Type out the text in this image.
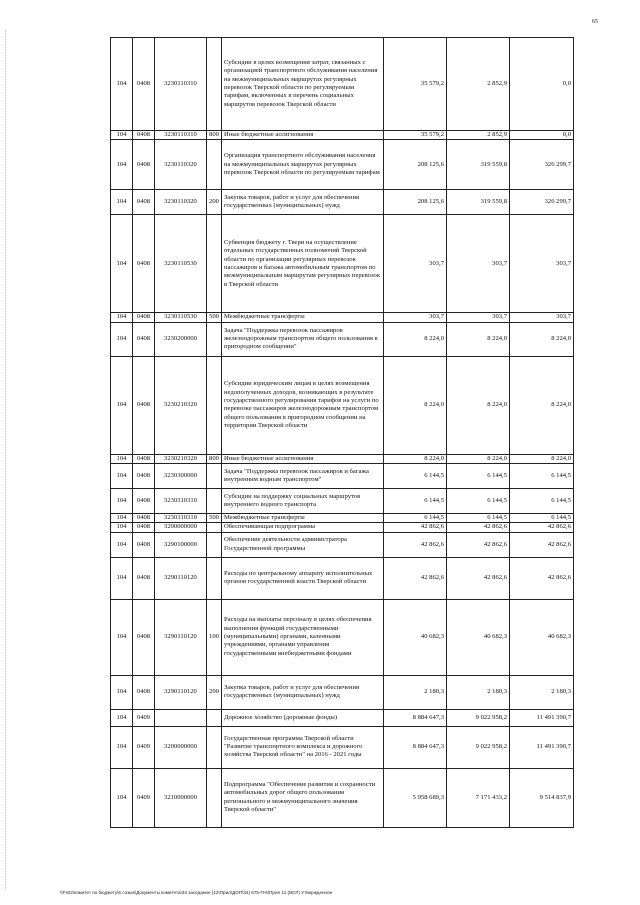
65
104	0408	3230110310		Субсидии в целях возмещения затрат, связанных с организацией транспортного обслуживания населения на межмуниципальных маршрутах регулярных перевозок Тверской области по регулируемым тарифам, включенных в перечень социальных маршрутов перевозок Тверской области	35 579,2	2 852,9	0,0
104	0408	3230110310	800	Иные бюджетные ассигнования	35 579,2	2 852,9	0,0
104	0408	3230110320		Организация транспортного обслуживания населения на межмуниципальных маршрутах регулярных перевозок Тверской области по регулируемым тарифам	208 125,6	319 559,8	326 299,7
104	0408	3230110320	200	Закупка товаров, работ и услуг для обеспечения государственных (муниципальных) нужд	208 125,6	319 559,8	326 299,7
104	0408	3230110530		Субвенция бюджету г. Твери на осуществление отдельных государственных полномочий Тверской области по организации регулярных перевозок пассажиров и багажа автомобильным транспортом по межмуниципальным маршрутам регулярных перевозок в Тверской области	303,7	303,7	303,7
104	0408	3230110530	500	Межбюджетные трансферты	303,7	303,7	303,7
104	0408	3230200000		Задача "Поддержка перевозок пассажиров железнодорожным транспортом общего пользования в пригородном сообщении"	8 224,0	8 224,0	8 224,0
104	0408	3230210320		Субсидии юридическим лицам в целях возмещения недополученных доходов, возникающих в результате государственного регулирования тарифов на услуги по перевозке пассажиров железнодорожным транспортом общего пользования в пригородном сообщении на территории Тверской области	8 224,0	8 224,0	8 224,0
104	0408	3230210320	800	Иные бюджетные ассигнования	8 224,0	8 224,0	8 224,0
104	0408	3230300000		Задача "Поддержка перевозок пассажиров и багажа внутренним водным транспортом"	6 144,5	6 144,5	6 144,5
104	0408	3230310310		Субсидии на поддержку социальных маршрутов внутреннего водного транспорта	6 144,5	6 144,5	6 144,5
104	0408	3230310310	500	Межбюджетные трансферты	6 144,5	6 144,5	6 144,5
104	0408	3290000000		Обеспечивающая подпрограмма	42 862,6	42 862,6	42 862,6
104	0408	3290100000		Обеспечение деятельности администратора Государственной программы	42 862,6	42 862,6	42 862,6
104	0408	3290110120		Расходы по центральному аппарату исполнительных органов государственной власти Тверской области	42 862,6	42 862,6	42 862,6
104	0408	3290110120	100	Расходы на выплаты персоналу в целях обеспечения выполнения функций государственными (муниципальными) органами, казенными учреждениями, органами управления государственными внебюджетными фондами	40 682,3	40 682,3	40 682,3
104	0408	3290110120	200	Закупка товаров, работ и услуг для обеспечения государственных (муниципальных) нужд	2 180,3	2 180,3	2 180,3
104	0409			Дорожное хозяйство (дорожные фонды)	8 884 647,3	9 022 958,2	11 491 390,7
104	0409	3200000000		Государственная программа Тверской области "Развитие транспортного комплекса и дорожного хозяйства Тверской области" на 2016 - 2021 годы	8 884 647,3	9 022 958,2	11 491 390,7
104	0409	3210000000		Подпрограмма "Обеспечение развития и сохранности автомобильных дорог общего пользования регионального и межмуниципального значения Тверской области"	5 958 689,3	7 171 433,2	9 514 837,9
\\Fs02\комитет по бюджету\6 созыв\Документы комитета\34 заседание (12\Прил\ДОП\34) 675-П-6\Прил 11 (ВСР) Утвержденное
